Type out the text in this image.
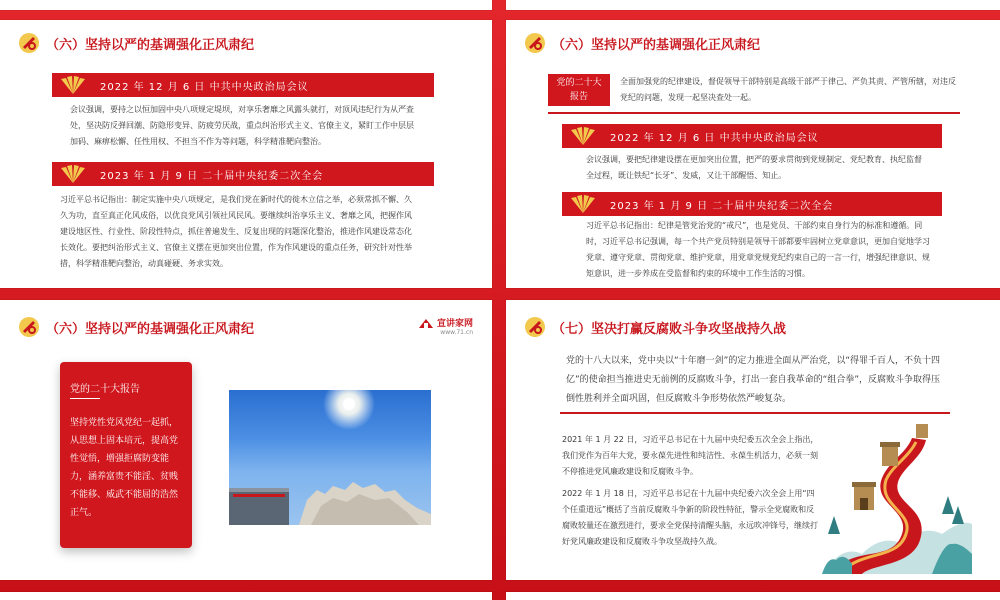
（六）坚持以严的基调强化正风肃纪
2022 年 12 月 6 日 中共中央政治局会议
会议强调，要持之以恒加固中央八项规定堤坝，对享乐奢靡之风露头就打，对顶风违纪行为从严查处，坚决防反弹回潮、防隐形变异、防疲劳厌战，重点纠治形式主义、官僚主义，紧盯工作中层层加码、麻痹松懈、任性用权、不担当不作为等问题，科学精准靶向整治。
2023 年 1 月 9 日 二十届中央纪委二次全会
习近平总书记指出：制定实施中央八项规定，是我们党在新时代的徙木立信之举，必须常抓不懈、久久为功，直至真正化风成俗，以优良党风引领社风民风。要继续纠治享乐主义、奢靡之风，把握作风建设地区性、行业性、阶段性特点，抓住普遍发生、反复出现的问题深化整治，推进作风建设常态化长效化。要把纠治形式主义、官僚主义摆在更加突出位置，作为作风建设的重点任务，研究针对性举措，科学精准靶向整治，动真碰硬、务求实效。
（六）坚持以严的基调强化正风肃纪
党的二十大报告
全面加强党的纪律建设，督促领导干部特别是高级干部严于律己、严负其责、严管所辖，对违反党纪的问题，发现一起坚决查处一起。
2022 年 12 月 6 日 中共中央政治局会议
会议强调，要把纪律建设摆在更加突出位置，把严的要求贯彻到党规制定、党纪教育、执纪监督全过程，既让铁纪“长牙”、发威，又让干部醒悟、知止。
2023 年 1 月 9 日 二十届中央纪委二次全会
习近平总书记指出：纪律是管党治党的“戒尺”，也是党员、干部约束自身行为的标准和遵循。同时，习近平总书记强调，每一个共产党员特别是领导干部都要牢固树立党章意识，更加自觉地学习党章、遵守党章、贯彻党章、维护党章，用党章党规党纪约束自己的一言一行，增强纪律意识、规矩意识，进一步养成在受监督和约束的环境中工作生活的习惯。
（六）坚持以严的基调强化正风肃纪	宣讲家网
www.71.cn
党的二十大报告
坚持党性党风党纪一起抓，从思想上固本培元，提高党性觉悟，增强拒腐防变能力，涵养富贵不能淫、贫贱不能移、威武不能屈的浩然正气。
（七）坚决打赢反腐败斗争攻坚战持久战
党的十八大以来，党中央以“十年磨一剑”的定力推进全面从严治党，以“得罪千百人，不负十四亿”的使命担当推进史无前例的反腐败斗争，打出一套自我革命的“组合拳”，反腐败斗争取得压倒性胜利并全面巩固，但反腐败斗争形势依然严峻复杂。
2021 年 1 月 22 日，习近平总书记在十九届中央纪委五次全会上指出，我们党作为百年大党，要永葆先进性和纯洁性、永葆生机活力，必须一刻不停推进党风廉政建设和反腐败斗争。
2022 年 1 月 18 日，习近平总书记在十九届中央纪委六次全会上用“四个任重道远”概括了当前反腐败斗争新的阶段性特征，警示全党腐败和反腐败较量还在激烈进行，要求全党保持清醒头脑，永远吹冲锋号，继续打好党风廉政建设和反腐败斗争攻坚战持久战。
